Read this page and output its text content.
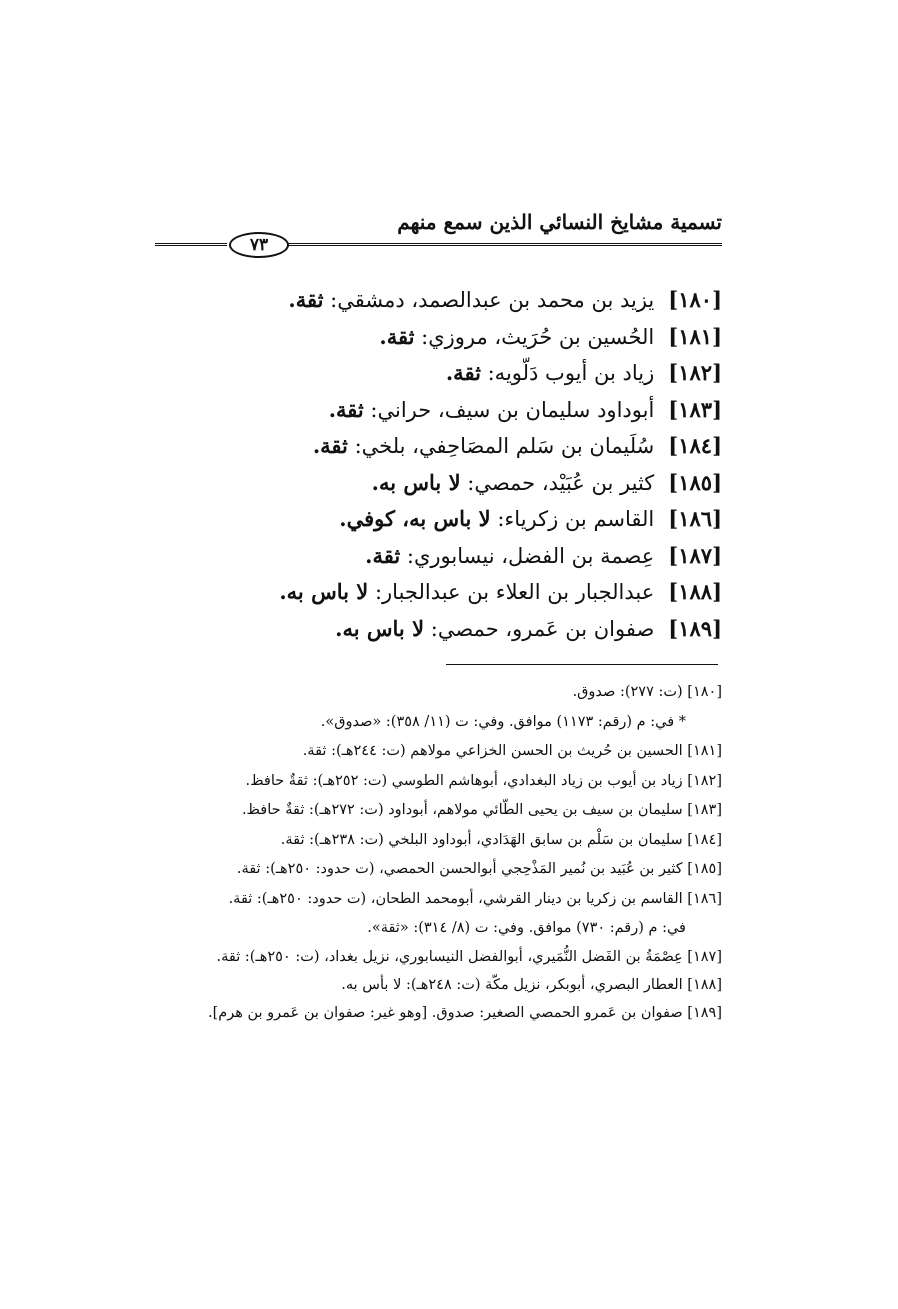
تسمية مشايخ النسائي الذين سمع منهم
٧٣
[١٨٠]يزيد بن محمد بن عبدالصمد، دمشقي: ثقة.
[١٨١]الحُسين بن حُرَيث، مروزي: ثقة.
[١٨٢]زياد بن أيوب دَلّويه: ثقة.
[١٨٣]أبوداود سليمان بن سيف، حراني: ثقة.
[١٨٤]سُلَيمان بن سَلم المصَاحِفي، بلخي: ثقة.
[١٨٥]كثير بن عُبَيْد، حمصي: لا باس به.
[١٨٦]القاسم بن زكرياء: لا باس به، كوفي.
[١٨٧]عِصمة بن الفضل، نيسابوري: ثقة.
[١٨٨]عبدالجبار بن العلاء بن عبدالجبار: لا باس به.
[١٨٩]صفوان بن عَمرو، حمصي: لا باس به.
[١٨٠] (ت: ٢٧٧): صدوق.
* في: م (رقم: ١١٧٣) موافق. وفي: ت (١١/ ٣٥٨): «صدوق».
[١٨١] الحسين بن حُريث بن الحسن الخزاعي مولاهم (ت: ٢٤٤هـ): ثقة.
[١٨٢] زياد بن أيوب بن زياد البغدادي، أبوهاشم الطوسي (ت: ٢٥٢هـ): ثقةٌ حافظ.
[١٨٣] سليمان بن سيف بن يحيى الطّائي مولاهم، أبوداود (ت: ٢٧٢هـ): ثقةٌ حافظ.
[١٨٤] سليمان بن سَلْم بن سابق الهَدَادي، أبوداود البلخي (ت: ٢٣٨هـ): ثقة.
[١٨٥] كثير بن عُبَيد بن نُمير المَذْحِجي أبوالحسن الحمصي، (ت حدود: ٢٥٠هـ): ثقة.
[١٨٦] القاسم بن زكريا بن دينار القرشي، أبومحمد الطحان، (ت حدود: ٢٥٠هـ): ثقة.
في: م (رقم: ٧٣٠) موافق. وفي: ت (٨/ ٣١٤): «ثقة».
[١٨٧] عِصْمَةُ بن الفَضل النُّمَيري، أبوالفضل النيسابوري، نزيل بغداد، (ت: ٢٥٠هـ): ثقة.
[١٨٨] العطار البصري، أبوبكر، نزيل مكّة (ت: ٢٤٨هـ): لا بأس به.
[١٨٩] صفوان بن عَمرو الحمصي الصغير: صدوق. [وهو غير: صفوان بن عَمرو بن هرم].
